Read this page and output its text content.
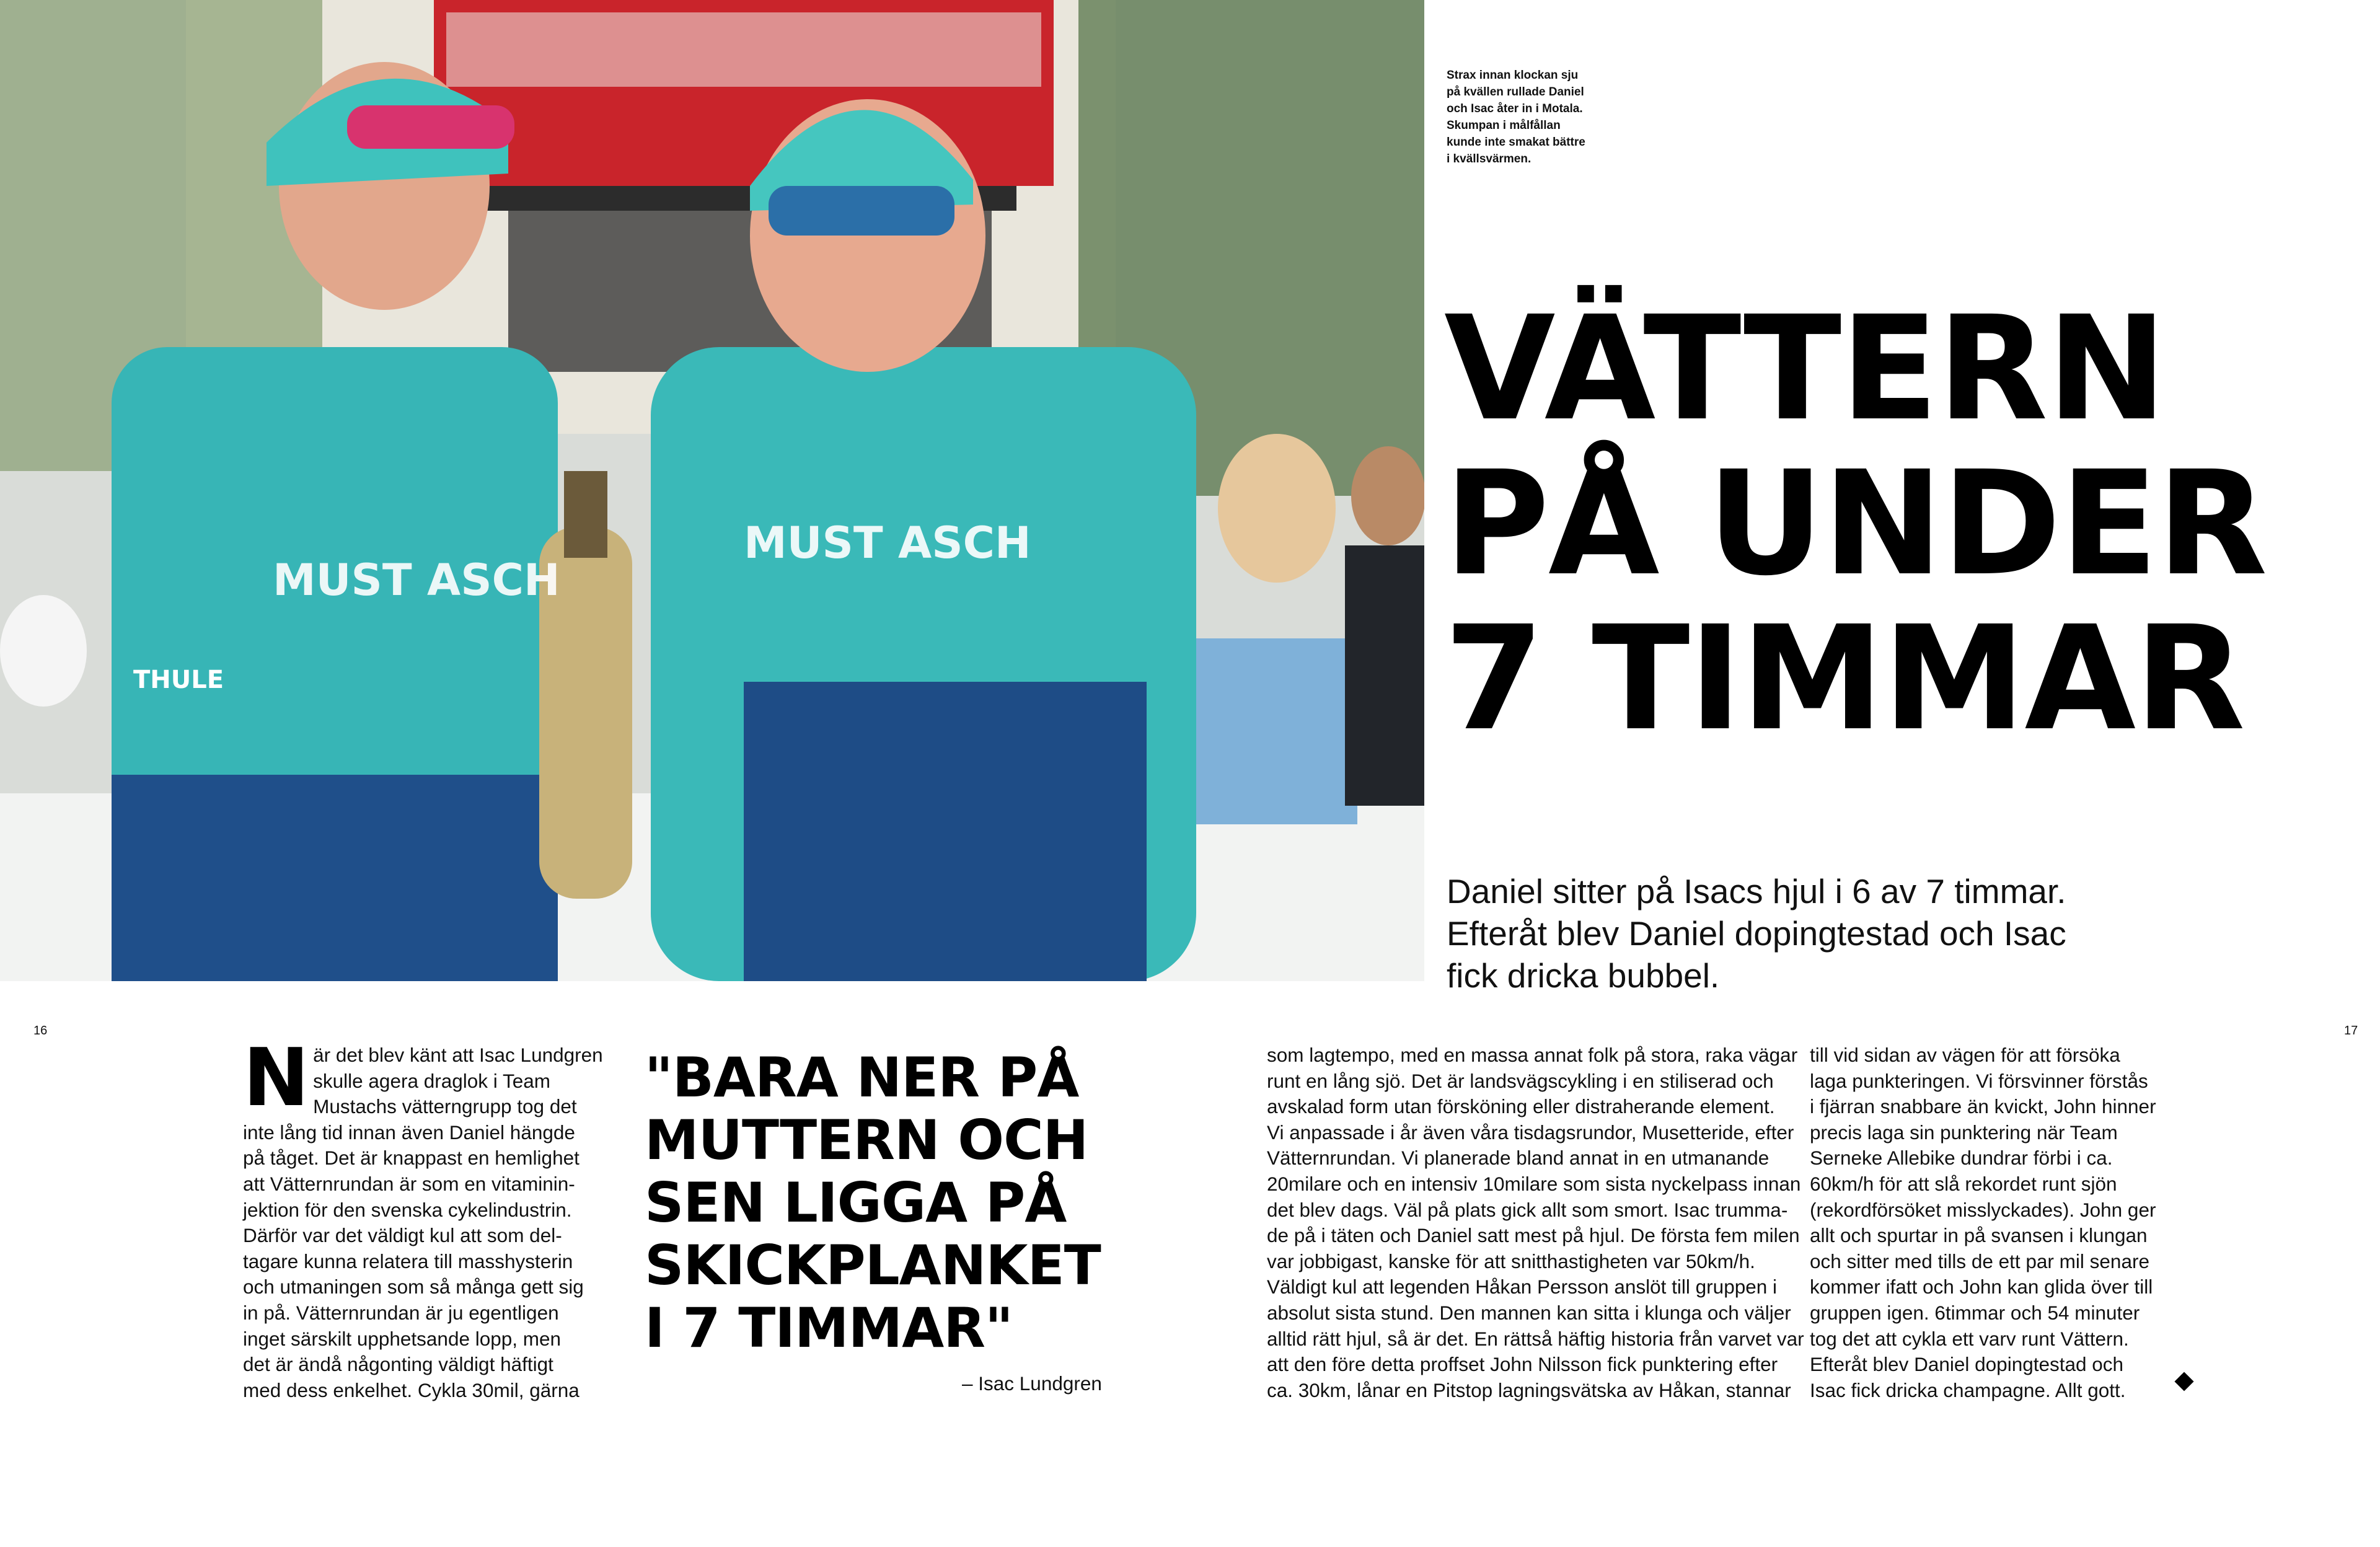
MUST ASCH
MUST ASCH
THULE
Strax innan klockan sju
på kvällen rullade Daniel
och Isac åter in i Motala.
Skumpan i målfållan
kunde inte smakat bättre
i kvällsvärmen.
VÄTTERN
PÅ UNDER
7 TIMMAR
Daniel sitter på Isacs hjul i 6 av 7 timmar.
Efteråt blev Daniel dopingtestad och Isac
fick dricka bubbel.
16	17
N är det blev känt att Isac Lundgren
skulle agera draglok i Team
Mustachs vätterngrupp tog det
inte lång tid innan även Daniel hängde
på tåget. Det är knappast en hemlighet
att Vätternrundan är som en vitaminin-
jektion för den svenska cykelindustrin.
Därför var det väldigt kul att som del-
tagare kunna relatera till masshysterin
och utmaningen som så många gett sig
in på. Vätternrundan är ju egentligen
inget särskilt upphetsande lopp, men
det är ändå någonting väldigt häftigt
med dess enkelhet. Cykla 30mil, gärna
"BARA NER PÅ
MUTTERN OCH
SEN LIGGA PÅ
SKICKPLANKET
I 7 TIMMAR"
– Isac Lundgren
som lagtempo, med en massa annat folk på stora, raka vägar
runt en lång sjö. Det är landsvägscykling i en stiliserad och
avskalad form utan försköning eller distraherande element.
Vi anpassade i år även våra tisdagsrundor, Musetteride, efter
Vätternrundan. Vi planerade bland annat in en utmanande
20milare och en intensiv 10milare som sista nyckelpass innan
det blev dags. Väl på plats gick allt som smort. Isac trumma-
de på i täten och Daniel satt mest på hjul. De första fem milen
var jobbigast, kanske för att snitthastigheten var 50km/h.
Väldigt kul att legenden Håkan Persson anslöt till gruppen i
absolut sista stund. Den mannen kan sitta i klunga och väljer
alltid rätt hjul, så är det. En rättså häftig historia från varvet var
att den före detta proffset John Nilsson fick punktering efter
ca. 30km, lånar en Pitstop lagningsvätska av Håkan, stannar
till vid sidan av vägen för att försöka
laga punkteringen. Vi försvinner förstås
i fjärran snabbare än kvickt, John hinner
precis laga sin punktering när Team
Serneke Allebike dundrar förbi i ca.
60km/h för att slå rekordet runt sjön
(rekordförsöket misslyckades). John ger
allt och spurtar in på svansen i klungan
och sitter med tills de ett par mil senare
kommer ifatt och John kan glida över till
gruppen igen. 6timmar och 54 minuter
tog det att cykla ett varv runt Vättern.
Efteråt blev Daniel dopingtestad och
Isac fick dricka champagne. Allt gott.
